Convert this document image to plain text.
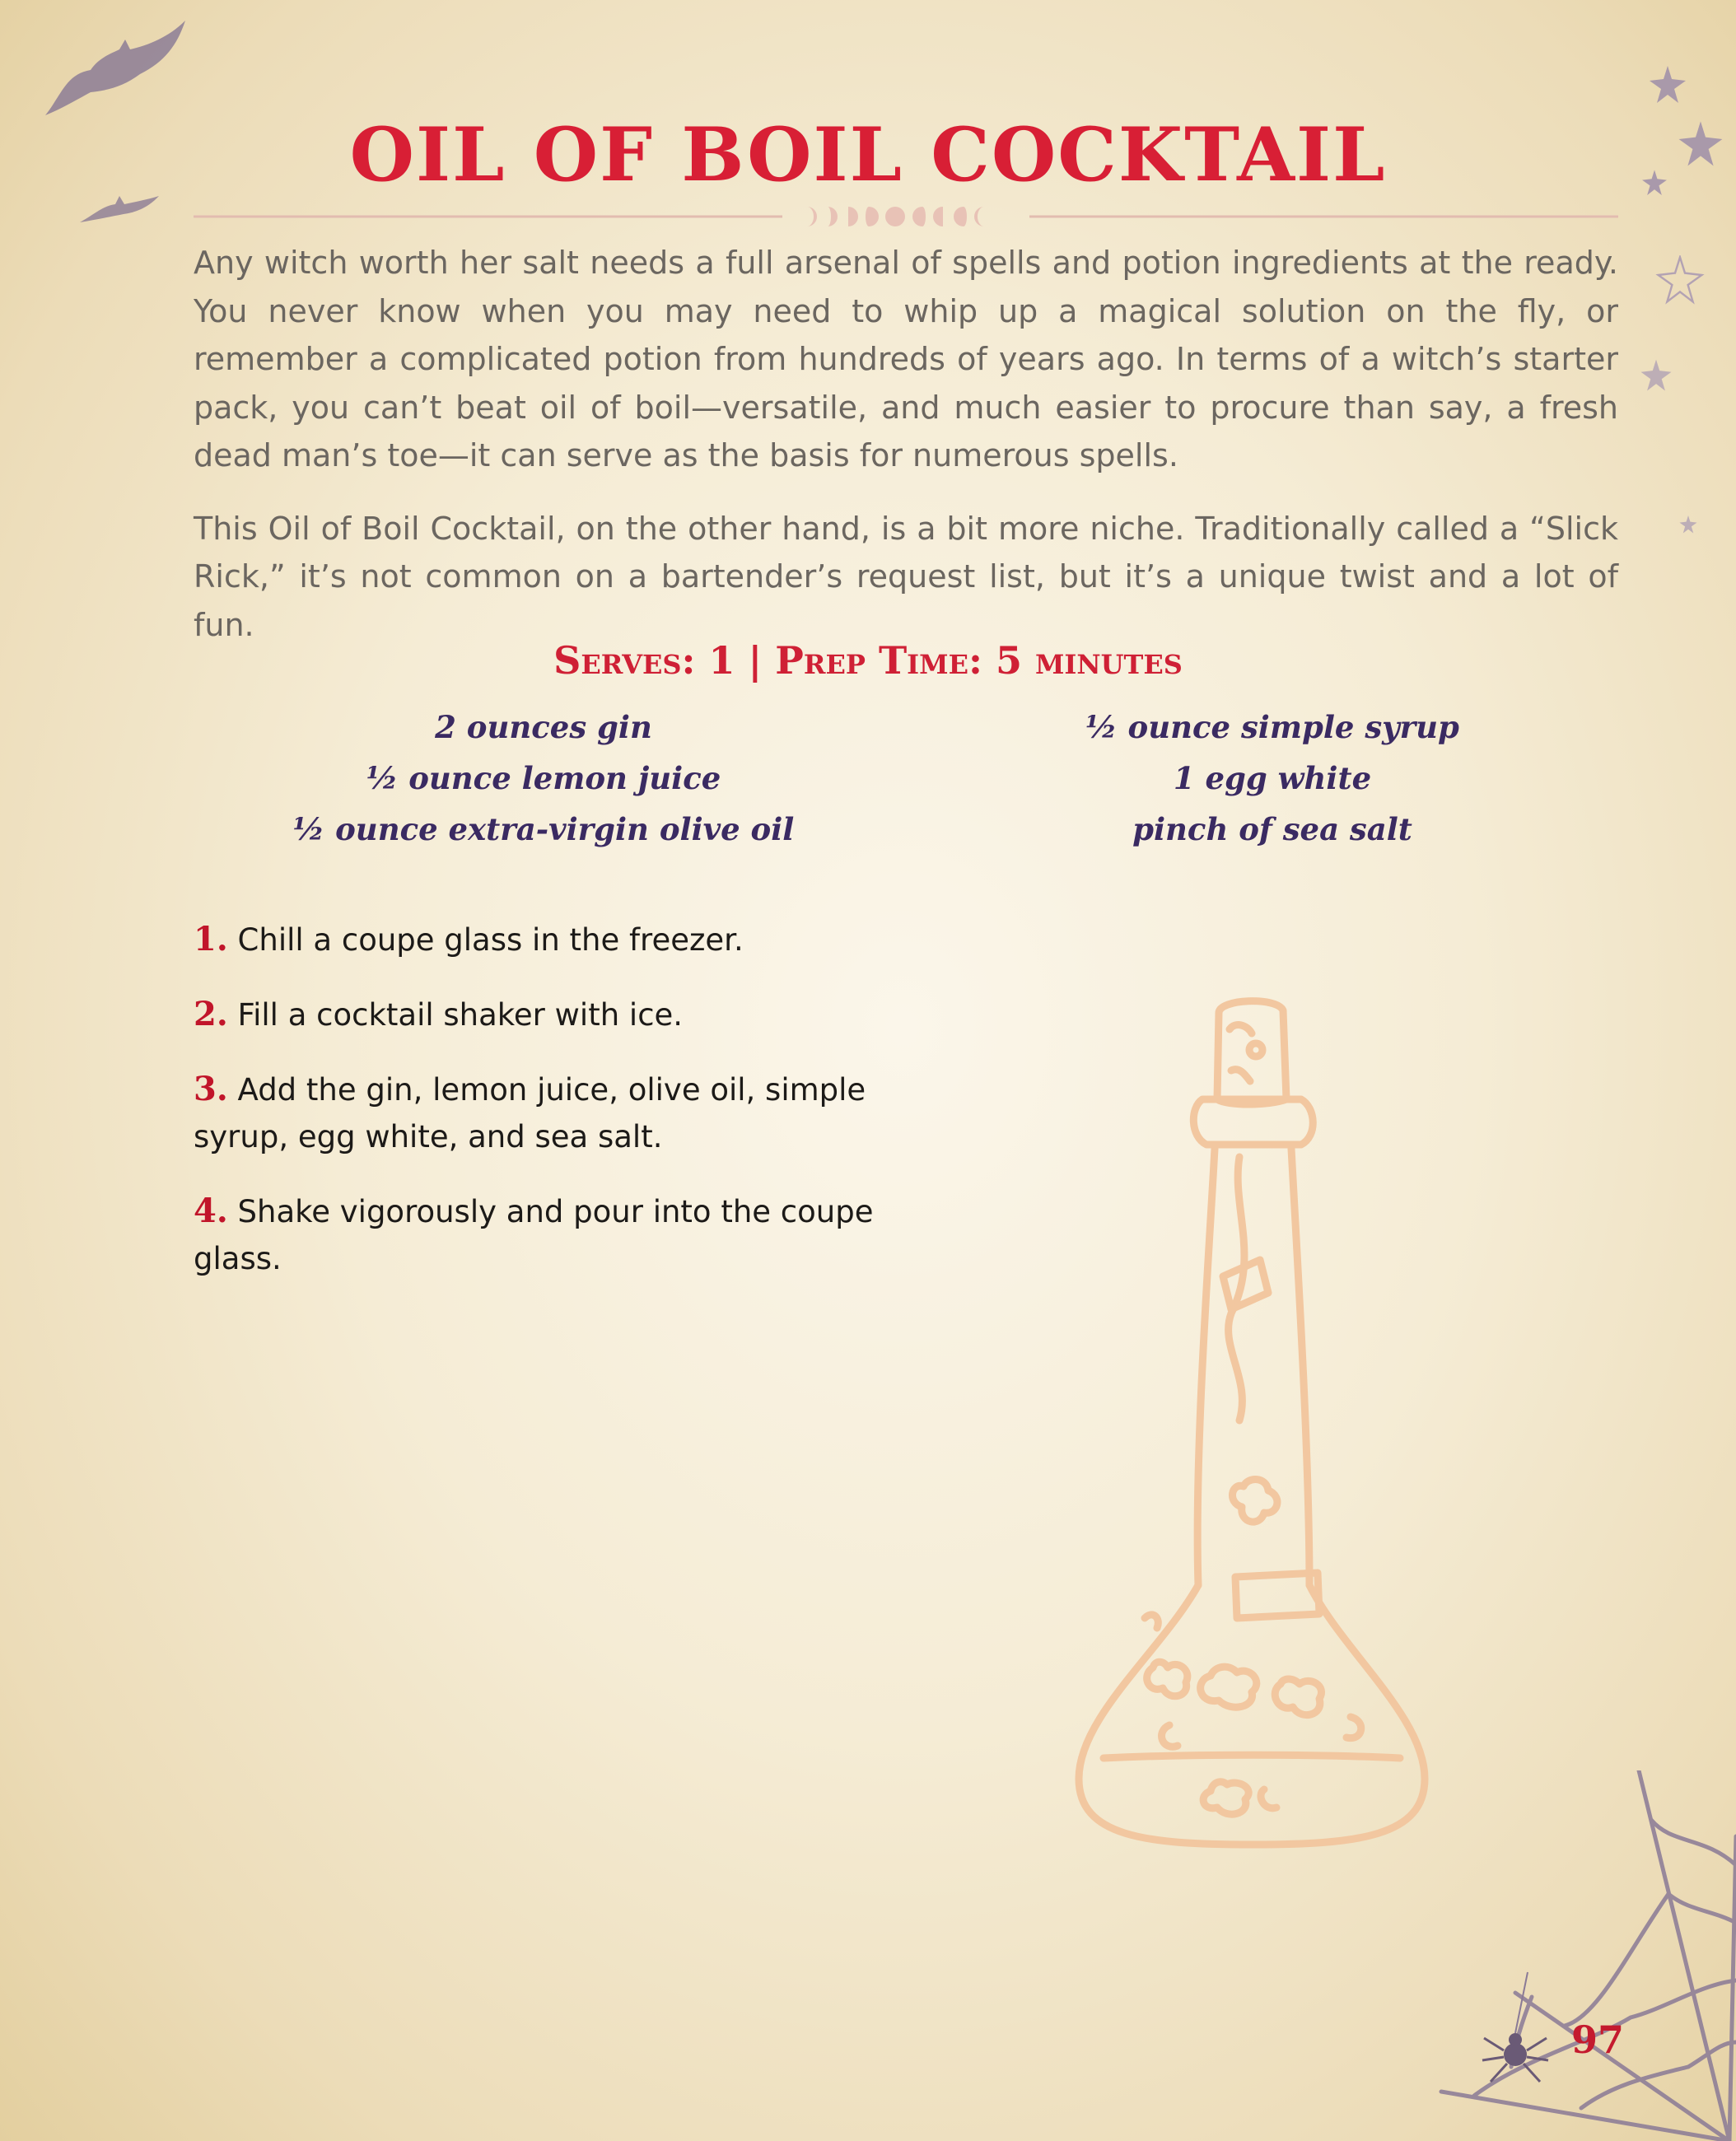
OIL OF BOIL COCKTAIL

Any witch worth her salt needs a full arsenal of spells and potion ingredients at the ready. You never know when you may need to whip up a magical solution on the fly, or remember a complicated potion from hundreds of years ago. In terms of a witch’s starter pack, you can’t beat oil of boil—versatile, and much easier to procure than say, a fresh dead man’s toe—it can serve as the basis for numerous spells.

This Oil of Boil Cocktail, on the other hand, is a bit more niche. Traditionally called a “Slick Rick,” it’s not common on a bartender’s request list, but it’s a unique twist and a lot of fun.

Serves: 1 | Prep Time: 5 minutes
2 ounces gin
½ ounce lemon juice
½ ounce extra-virgin olive oil
½ ounce simple syrup
1 egg white
pinch of sea salt

1. Chill a coupe glass in the freezer.

2. Fill a cocktail shaker with ice.

3. Add the gin, lemon juice, olive oil, simple syrup, egg white, and sea salt.

4. Shake vigorously and pour into the coupe glass.

97
